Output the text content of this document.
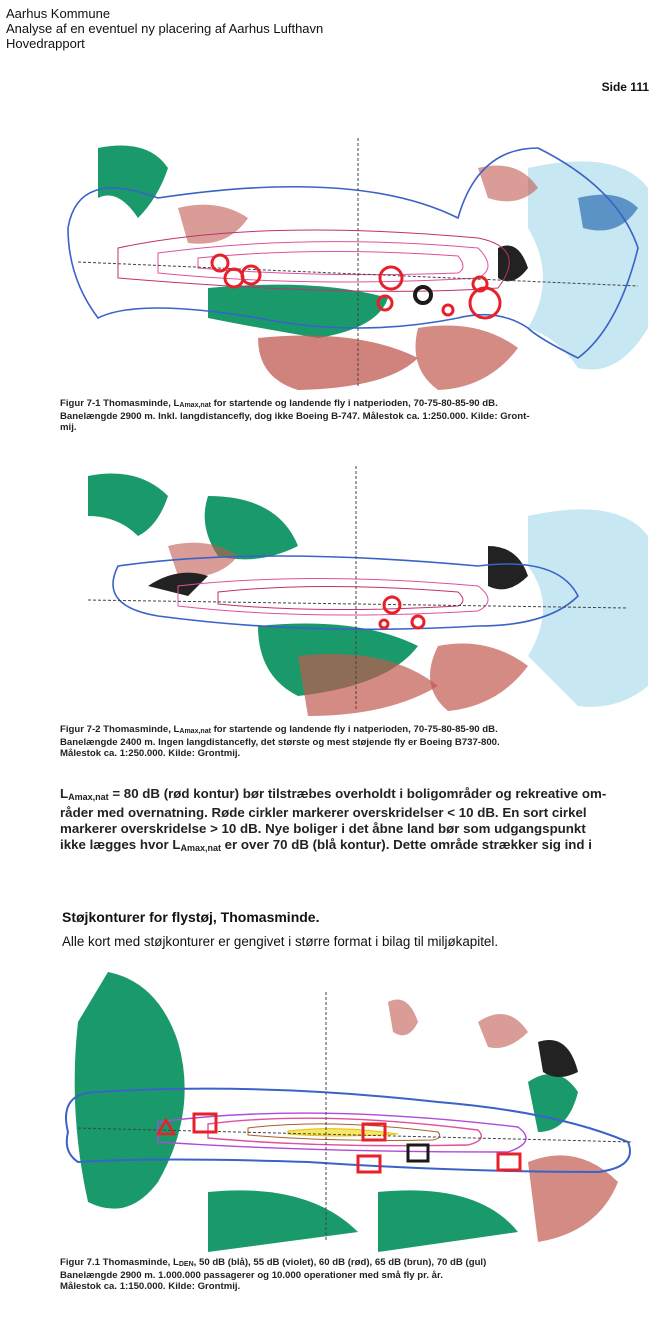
Aarhus Kommune
Analyse af en eventuel ny placering af Aarhus Lufthavn
Hovedrapport
Side 111
Figur 7-1 Thomasminde, $L_{Amax,nat}$ for startende og landende fly i natperioden, 70-75-80-85-90 dB.
Banelængde 2900 m. Inkl. langdistancefly, dog ikke Boeing B-747. Målestok ca. 1:250.000. Kilde: Gront-
mij.
Figur 7-2 Thomasminde, $L_{Amax,nat}$ for startende og landende fly i natperioden, 70-75-80-85-90 dB.
Banelængde 2400 m. Ingen langdistancefly, det største og mest støjende fly er Boeing B737-800.
Målestok ca. 1:250.000. Kilde: Grontmij.
$L_{Amax,nat} = 80$ dB (rød kontur) bør tilstræbes overholdt i boligområder og rekreative om-
råder med overnatning. Røde cirkler markerer overskridelser < 10 dB. En sort cirkel
markerer overskridelse > 10 dB. Nye boliger i det åbne land bør som udgangspunkt
ikke lægges hvor $L_{Amax,nat}$ er over 70 dB (blå kontur). Dette område strækker sig ind i
Støjkonturer for flystøj, Thomasminde.
Alle kort med støjkonturer er gengivet i større format i bilag til miljøkapitel.
Figur 7.1 Thomasminde, $L_{DEN}$, 50 dB (blå), 55 dB (violet), 60 dB (rød), 65 dB (brun), 70 dB (gul)
Banelængde 2900 m. 1.000.000 passagerer og 10.000 operationer med små fly pr. år.
Målestok ca. 1:150.000. Kilde: Grontmij.
